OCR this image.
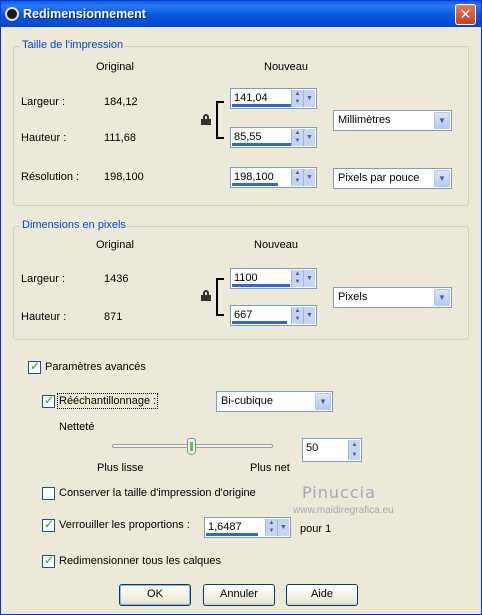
Redimensionnement	✕
Taille de l'impression
Original	Nouveau
Largeur :	184,12	141,04	▲
▼ ▼
Hauteur :	111,68	85,55	▲
▼ ▼
Millimètres	▼
Résolution : 198,100	198,100	▲
▼ ▼ Pixels par pouce	▼
Dimensions en pixels
Original	Nouveau
Largeur :	1436	1100	▲
▼ ▼
Hauteur :	871	667	▲
▼ ▼
Pixels	▼
✓ Paramètres avancés
✓ Rééchantillonnage :	Bi-cubique	▼
Netteté
Plus lisse	Plus net
50	▲
▼
Conserver la taille d'impression d'origine	Pinuccia
www.maidiregrafica.eu
✓ Verrouiller les proportions : 1,6487	▲
▼ ▼ pour 1
✓ Redimensionner tous les calques
OK	Annuler	Aide
